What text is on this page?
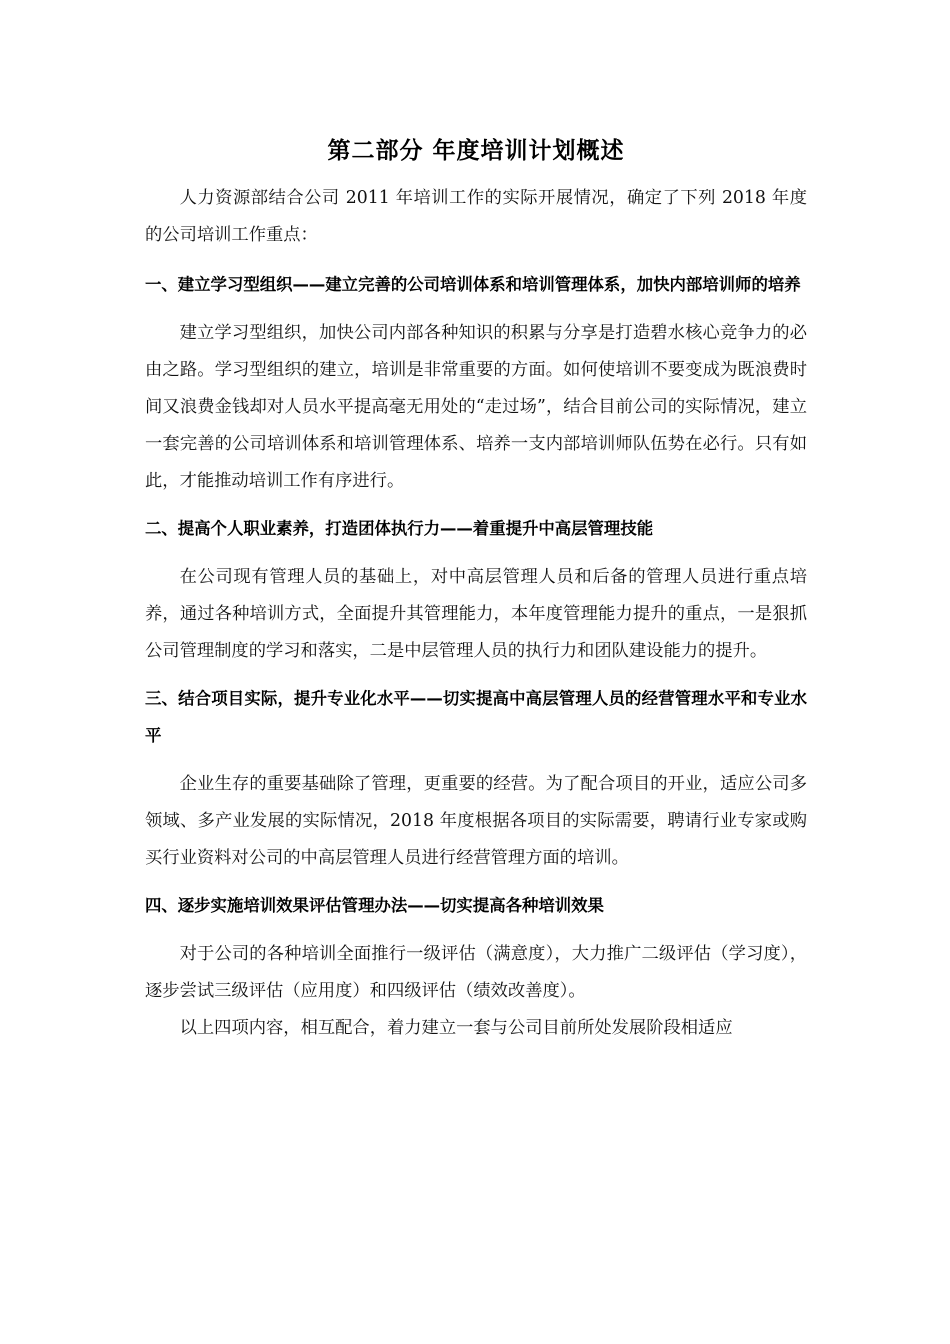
第二部分 年度培训计划概述

人力资源部结合公司 2011 年培训工作的实际开展情况，确定了下列 2018 年度的公司培训工作重点：

一、建立学习型组织——建立完善的公司培训体系和培训管理体系，加快内部培训师的培养

建立学习型组织，加快公司内部各种知识的积累与分享是打造碧水核心竞争力的必由之路。学习型组织的建立，培训是非常重要的方面。如何使培训不要变成为既浪费时间又浪费金钱却对人员水平提高毫无用处的“走过场”，结合目前公司的实际情况，建立一套完善的公司培训体系和培训管理体系、培养一支内部培训师队伍势在必行。只有如此，才能推动培训工作有序进行。

二、提高个人职业素养，打造团体执行力——着重提升中高层管理技能

在公司现有管理人员的基础上，对中高层管理人员和后备的管理人员进行重点培养，通过各种培训方式，全面提升其管理能力，本年度管理能力提升的重点，一是狠抓公司管理制度的学习和落实，二是中层管理人员的执行力和团队建设能力的提升。

三、结合项目实际，提升专业化水平——切实提高中高层管理人员的经营管理水平和专业水平

企业生存的重要基础除了管理，更重要的经营。为了配合项目的开业，适应公司多领域、多产业发展的实际情况，2018 年度根据各项目的实际需要，聘请行业专家或购买行业资料对公司的中高层管理人员进行经营管理方面的培训。

四、逐步实施培训效果评估管理办法——切实提高各种培训效果

对于公司的各种培训全面推行一级评估（满意度），大力推广二级评估（学习度），逐步尝试三级评估（应用度）和四级评估（绩效改善度）。

以上四项内容，相互配合，着力建立一套与公司目前所处发展阶段相适应
